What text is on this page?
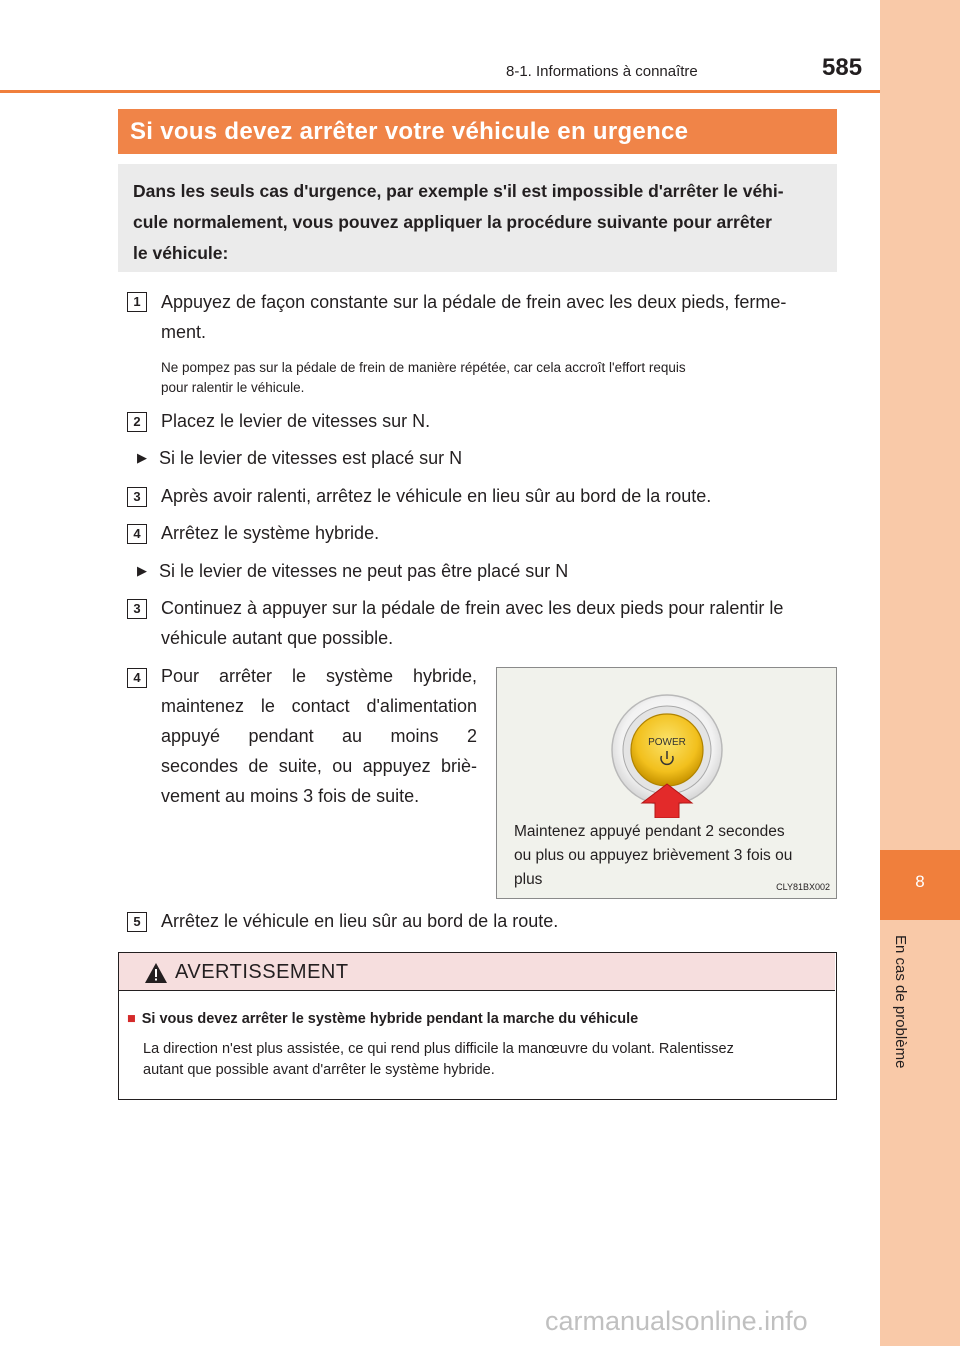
8
En cas de problème
8-1. Informations à connaître	585
Si vous devez arrêter votre véhicule en urgence
Dans les seuls cas d'urgence, par exemple s'il est impossible d'arrêter le véhi-
cule normalement, vous pouvez appliquer la procédure suivante pour arrêter
le véhicule:
1	Appuyez de façon constante sur la pédale de frein avec les deux pieds, ferme-
ment.
Ne pompez pas sur la pédale de frein de manière répétée, car cela accroît l'effort requis
pour ralentir le véhicule.
2	Placez le levier de vitesses sur N.
▶ Si le levier de vitesses est placé sur N
3	Après avoir ralenti, arrêtez le véhicule en lieu sûr au bord de la route.
4	Arrêtez le système hybride.
▶ Si le levier de vitesses ne peut pas être placé sur N
3	Continuez à appuyer sur la pédale de frein avec les deux pieds pour ralentir le
véhicule autant que possible.
4	Pour arrêter le système hybride,
maintenez le contact d'alimentation
appuyé pendant au moins 2
secondes de suite, ou appuyez briè-
vement au moins 3 fois de suite.
POWER
Maintenez appuyé pendant 2 secondes
ou plus ou appuyez brièvement 3 fois ou
plus	CLY81BX002
5	Arrêtez le véhicule en lieu sûr au bord de la route.
AVERTISSEMENT
■ Si vous devez arrêter le système hybride pendant la marche du véhicule
La direction n'est plus assistée, ce qui rend plus difficile la manœuvre du volant. Ralentissez
autant que possible avant d'arrêter le système hybride.
carmanualsonline.info
